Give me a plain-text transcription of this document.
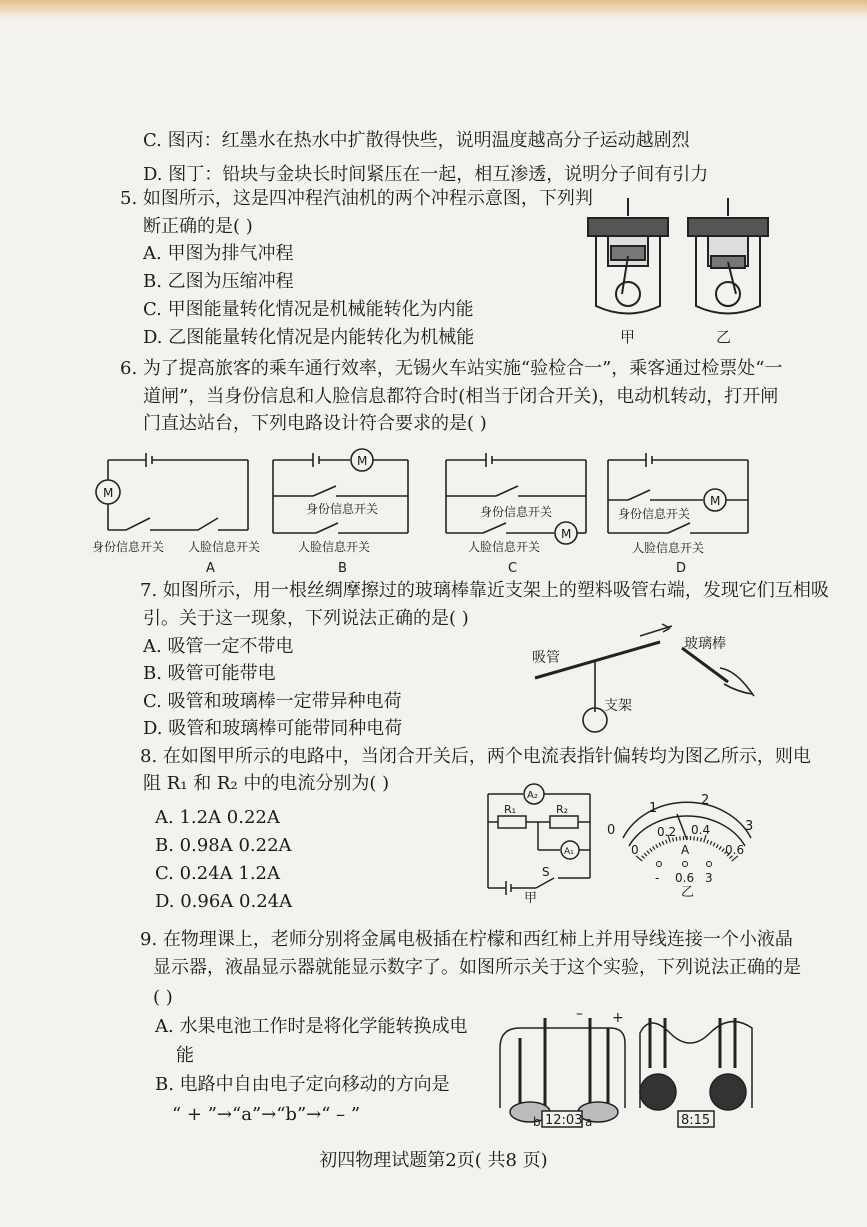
C. 图丙：红墨水在热水中扩散得快些，说明温度越高分子运动越剧烈
D. 图丁：铅块与金块长时间紧压在一起，相互渗透，说明分子间有引力
5. 如图所示，这是四冲程汽油机的两个冲程示意图，下列判
断正确的是( )
A. 甲图为排气冲程
B. 乙图为压缩冲程
C. 甲图能量转化情况是机械能转化为内能
D. 乙图能量转化情况是内能转化为机械能	甲	乙
6. 为了提高旅客的乘车通行效率，无锡火车站实施“验检合一”，乘客通过检票处“一
道闸”，当身份信息和人脸信息都符合时(相当于闭合开关)，电动机转动，打开闸
门直达站台，下列电路设计符合要求的是( )
M
M
M
M
身份信息开关 人脸信息开关
身份信息开关
人脸信息开关
身份信息开关
人脸信息开关
身份信息开关
人脸信息开关
A	B	C	D
7. 如图所示，用一根丝绸摩擦过的玻璃棒靠近支架上的塑料吸管右端，发现它们互相吸
引。关于这一现象，下列说法正确的是( )
A. 吸管一定不带电
B. 吸管可能带电
C. 吸管和玻璃棒一定带异种电荷
D. 吸管和玻璃棒可能带同种电荷
吸管
玻璃棒
支架
8. 在如图甲所示的电路中，当闭合开关后，两个电流表指针偏转均为图乙所示，则电
阻 R₁ 和 R₂ 中的电流分别为( )
A. 1.2A 0.22A
B. 0.98A 0.22A
C. 0.24A 1.2A
D. 0.96A 0.24A
A₂
A₁
R₁	R₂
S
甲
0
1
2
3
0
0.2 0.4
0.6
A
- 0.6 3
乙
9. 在物理课上，老师分别将金属电极插在柠檬和西红柿上并用导线连接一个小液晶
显示器，液晶显示器就能显示数字了。如图所示关于这个实验，下列说法正确的是
( )
A. 水果电池工作时是将化学能转换成电
能
B. 电路中自由电子定向移动的方向是
“ + ”→“a”→“b”→“ – ”	12:03	8:15
b	a
– +
初四物理试题第2页( 共8 页)
